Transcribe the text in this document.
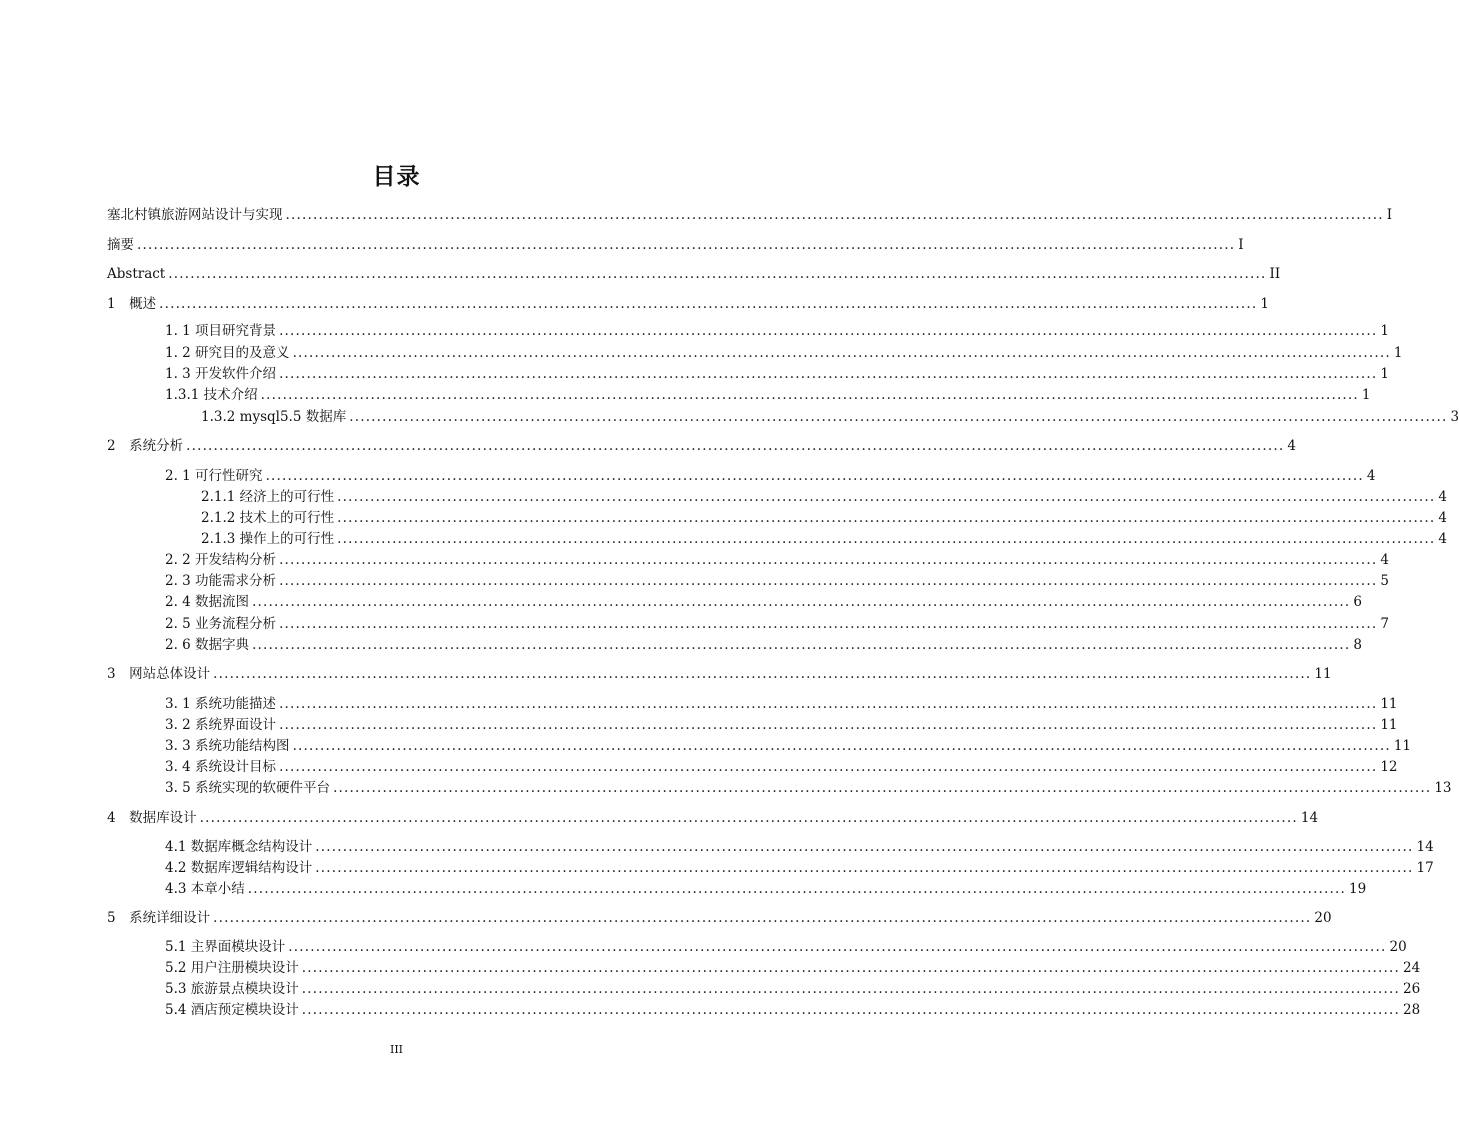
目录
塞北村镇旅游网站设计与实现 ........................................................................................................................................................................................................ I
摘要 ........................................................................................................................................................................................................ I
Abstract ........................................................................................................................................................................................................ II
1　概述 ........................................................................................................................................................................................................ 1
1. 1 项目研究背景 ........................................................................................................................................................................................................ 1
1. 2 研究目的及意义 ........................................................................................................................................................................................................ 1
1. 3 开发软件介绍 ........................................................................................................................................................................................................ 1
1.3.1 技术介绍 ........................................................................................................................................................................................................ 1
1.3.2 mysql5.5 数据库 ........................................................................................................................................................................................................ 3
2　系统分析 ........................................................................................................................................................................................................ 4
2. 1 可行性研究 ........................................................................................................................................................................................................ 4
2.1.1 经济上的可行性 ........................................................................................................................................................................................................ 4
2.1.2 技术上的可行性 ........................................................................................................................................................................................................ 4
2.1.3 操作上的可行性 ........................................................................................................................................................................................................ 4
2. 2 开发结构分析 ........................................................................................................................................................................................................ 4
2. 3 功能需求分析 ........................................................................................................................................................................................................ 5
2. 4 数据流图 ........................................................................................................................................................................................................ 6
2. 5 业务流程分析 ........................................................................................................................................................................................................ 7
2. 6 数据字典 ........................................................................................................................................................................................................ 8
3　网站总体设计 ........................................................................................................................................................................................................ 11
3. 1 系统功能描述 ........................................................................................................................................................................................................ 11
3. 2 系统界面设计 ........................................................................................................................................................................................................ 11
3. 3 系统功能结构图 ........................................................................................................................................................................................................ 11
3. 4 系统设计目标 ........................................................................................................................................................................................................ 12
3. 5 系统实现的软硬件平台 ........................................................................................................................................................................................................ 13
4　数据库设计 ........................................................................................................................................................................................................ 14
4.1 数据库概念结构设计 ........................................................................................................................................................................................................ 14
4.2 数据库逻辑结构设计 ........................................................................................................................................................................................................ 17
4.3 本章小结 ........................................................................................................................................................................................................ 19
5　系统详细设计 ........................................................................................................................................................................................................ 20
5.1 主界面模块设计 ........................................................................................................................................................................................................ 20
5.2 用户注册模块设计 ........................................................................................................................................................................................................ 24
5.3 旅游景点模块设计 ........................................................................................................................................................................................................ 26
5.4 酒店预定模块设计 ........................................................................................................................................................................................................ 28
III
